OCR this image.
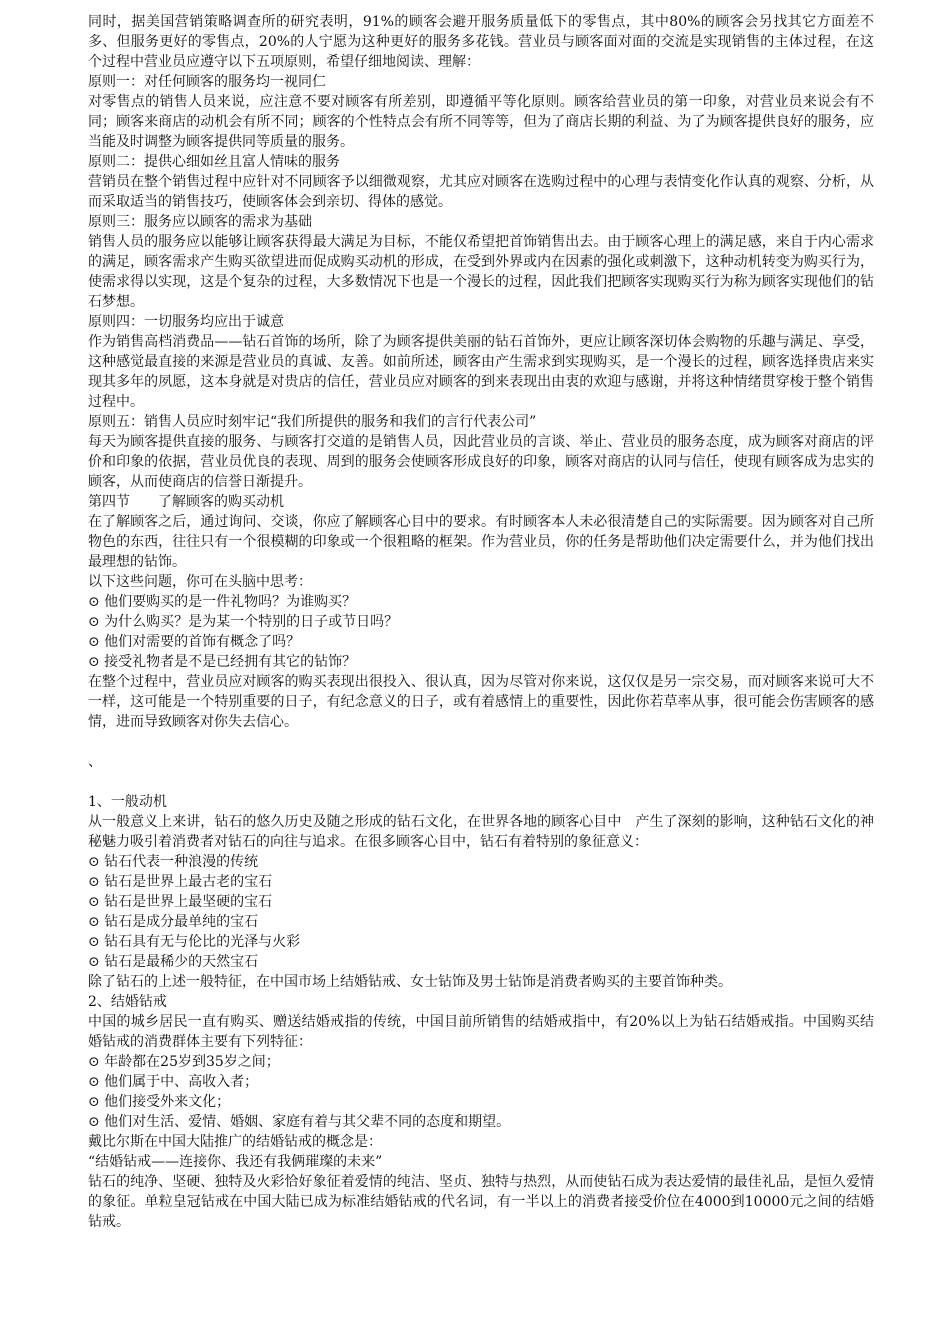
同时，据美国营销策略调查所的研究表明，91%的顾客会避开服务质量低下的零售点，其中80%的顾客会另找其它方面差不多、但服务更好的零售点，20%的人宁愿为这种更好的服务多花钱。营业员与顾客面对面的交流是实现销售的主体过程，在这个过程中营业员应遵守以下五项原则，希望仔细地阅读、理解：

原则一：对任何顾客的服务均一视同仁

对零售点的销售人员来说，应注意不要对顾客有所差别，即遵循平等化原则。顾客给营业员的第一印象，对营业员来说会有不同；顾客来商店的动机会有所不同；顾客的个性特点会有所不同等等，但为了商店长期的利益、为了为顾客提供良好的服务，应当能及时调整为顾客提供同等质量的服务。

原则二：提供心细如丝且富人情味的服务

营销员在整个销售过程中应针对不同顾客予以细微观察，尤其应对顾客在选购过程中的心理与表情变化作认真的观察、分析，从而采取适当的销售技巧，使顾客体会到亲切、得体的感觉。

原则三：服务应以顾客的需求为基础

销售人员的服务应以能够让顾客获得最大满足为目标，不能仅希望把首饰销售出去。由于顾客心理上的满足感，来自于内心需求的满足，顾客需求产生购买欲望进而促成购买动机的形成，在受到外界或内在因素的强化或刺激下，这种动机转变为购买行为，使需求得以实现，这是个复杂的过程，大多数情况下也是一个漫长的过程，因此我们把顾客实现购买行为称为顾客实现他们的钻石梦想。

原则四：一切服务均应出于诚意

作为销售高档消费品——钻石首饰的场所，除了为顾客提供美丽的钻石首饰外，更应让顾客深切体会购物的乐趣与满足、享受，这种感觉最直接的来源是营业员的真诚、友善。如前所述，顾客由产生需求到实现购买，是一个漫长的过程，顾客选择贵店来实现其多年的夙愿，这本身就是对贵店的信任，营业员应对顾客的到来表现出由衷的欢迎与感谢，并将这种情绪贯穿梭于整个销售过程中。

原则五：销售人员应时刻牢记“我们所提供的服务和我们的言行代表公司”

每天为顾客提供直接的服务、与顾客打交道的是销售人员，因此营业员的言谈、举止、营业员的服务态度，成为顾客对商店的评价和印象的依据，营业员优良的表现、周到的服务会使顾客形成良好的印象，顾客对商店的认同与信任，使现有顾客成为忠实的顾客，从而使商店的信誉日渐提升。

第四节　　了解顾客的购买动机

在了解顾客之后，通过询问、交谈，你应了解顾客心目中的要求。有时顾客本人未必很清楚自己的实际需要。因为顾客对自己所物色的东西，往往只有一个很模糊的印象或一个很粗略的框架。作为营业员，你的任务是帮助他们决定需要什么，并为他们找出最理想的钻饰。

以下这些问题，你可在头脑中思考：

⊙ 他们要购买的是一件礼物吗？为谁购买？

⊙ 为什么购买？是为某一个特别的日子或节日吗？

⊙ 他们对需要的首饰有概念了吗？

⊙ 接受礼物者是不是已经拥有其它的钻饰？

在整个过程中，营业员应对顾客的购买表现出很投入、很认真，因为尽管对你来说，这仅仅是另一宗交易，而对顾客来说可大不一样，这可能是一个特别重要的日子，有纪念意义的日子，或有着感情上的重要性，因此你若草率从事，很可能会伤害顾客的感情，进而导致顾客对你失去信心。

、

1、一般动机

从一般意义上来讲，钻石的悠久历史及随之形成的钻石文化，在世界各地的顾客心目中　产生了深刻的影响，这种钻石文化的神秘魅力吸引着消费者对钻石的向往与追求。在很多顾客心目中，钻石有着特别的象征意义：

⊙ 钻石代表一种浪漫的传统

⊙ 钻石是世界上最古老的宝石

⊙ 钻石是世界上最坚硬的宝石

⊙ 钻石是成分最单纯的宝石

⊙ 钻石具有无与伦比的光泽与火彩

⊙ 钻石是最稀少的天然宝石

除了钻石的上述一般特征，在中国市场上结婚钻戒、女士钻饰及男士钻饰是消费者购买的主要首饰种类。

2、结婚钻戒

中国的城乡居民一直有购买、赠送结婚戒指的传统，中国目前所销售的结婚戒指中，有20%以上为钻石结婚戒指。中国购买结婚钻戒的消费群体主要有下列特征：

⊙ 年龄都在25岁到35岁之间；

⊙ 他们属于中、高收入者；

⊙ 他们接受外来文化；

⊙ 他们对生活、爱情、婚姻、家庭有着与其父辈不同的态度和期望。

戴比尔斯在中国大陆推广的结婚钻戒的概念是：

“结婚钻戒——连接你、我还有我俩璀璨的未来”

钻石的纯净、坚硬、独特及火彩恰好象征着爱情的纯洁、坚贞、独特与热烈，从而使钻石成为表达爱情的最佳礼品，是恒久爱情的象征。单粒皇冠钻戒在中国大陆已成为标准结婚钻戒的代名词，有一半以上的消费者接受价位在4000到10000元之间的结婚钻戒。
